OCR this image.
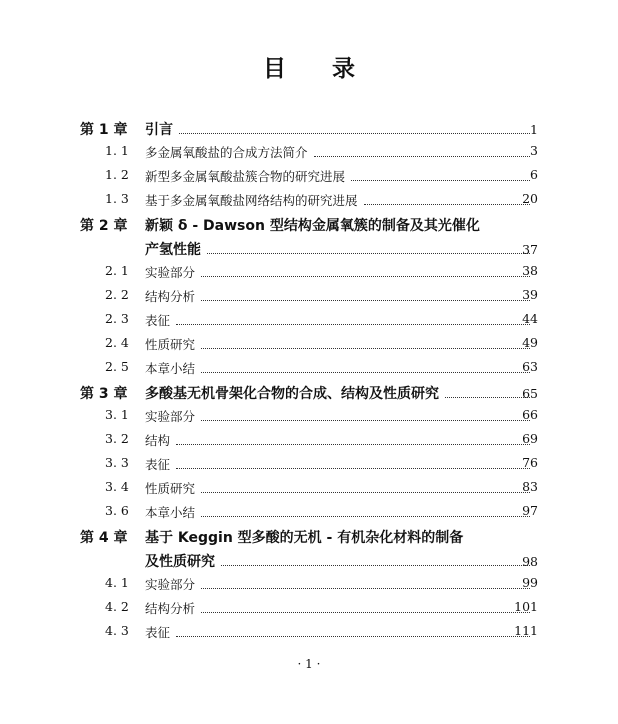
目 录
第 1 章 引言	1
1. 1 多金属氧酸盐的合成方法简介	3
1. 2 新型多金属氧酸盐簇合物的研究进展	6
1. 3 基于多金属氧酸盐网络结构的研究进展	20
第 2 章 新颖 δ - Dawson 型结构金属氧簇的制备及其光催化
产氢性能	37
2. 1 实验部分	38
2. 2 结构分析	39
2. 3 表征	44
2. 4 性质研究	49
2. 5 本章小结	63
第 3 章 多酸基无机骨架化合物的合成、结构及性质研究	65
3. 1 实验部分	66
3. 2 结构	69
3. 3 表征	76
3. 4 性质研究	83
3. 6 本章小结	97
第 4 章 基于 Keggin 型多酸的无机 - 有机杂化材料的制备
及性质研究	98
4. 1 实验部分	99
4. 2 结构分析	101
4. 3 表征	111
· 1 ·
